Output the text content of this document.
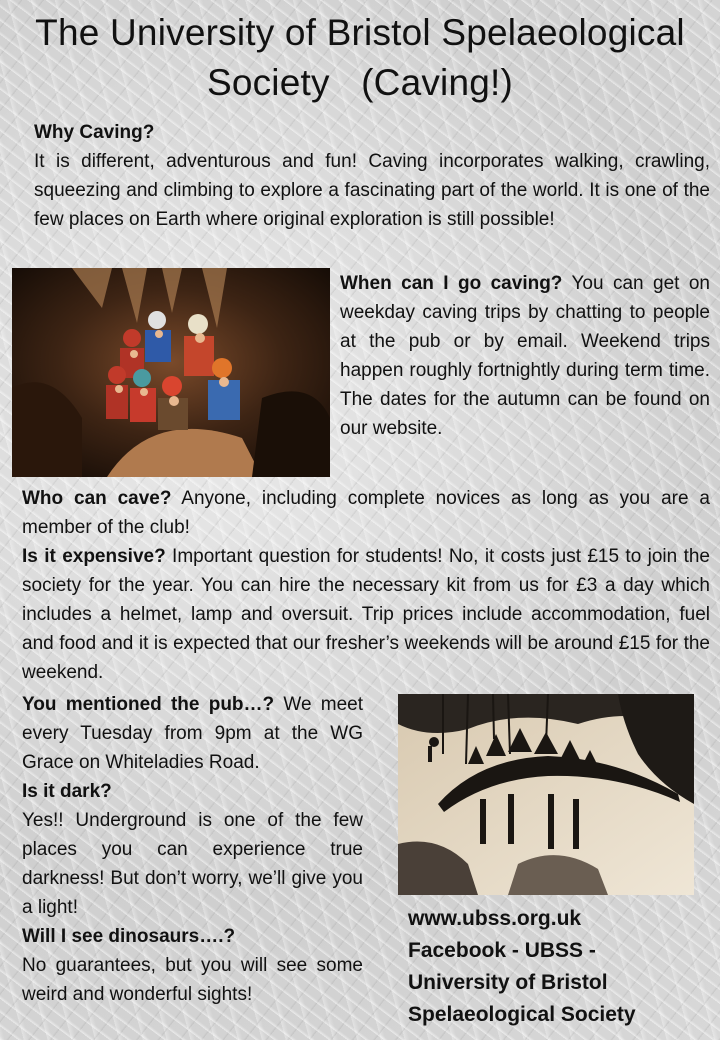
The University of Bristol Spelaeological
Society   (Caving!)
Why Caving?

It is different, adventurous and fun! Caving incorporates walking, crawling, squeezing and climbing to explore a fascinating part of the world. It is one of the few places on Earth where original exploration is still possible!

When can I go caving? You can get on weekday caving trips by chatting to people at the pub or by email. Weekend trips happen roughly fortnightly during term time. The dates for the autumn can be found on our website.

Who can cave? Anyone, including complete novices as long as you are a member of the club!

Is it expensive? Important question for students! No, it costs just £15 to join the society for the year. You can hire the necessary kit from us for £3 a day which includes a helmet, lamp and oversuit. Trip prices include accommodation, fuel and food and it is expected that our fresher’s weekends will be around £15 for the weekend.

You mentioned the pub…? We meet every Tuesday from 9pm at the WG Grace on Whiteladies Road.

Is it dark?

Yes!! Underground is one of the few places you can experience true darkness! But don’t worry, we’ll give you a light!

Will I see dinosaurs….?

No guarantees, but you will see some weird and wonderful sights!

www.ubss.org.uk
Facebook - UBSS -
University of Bristol
Spelaeological Society
